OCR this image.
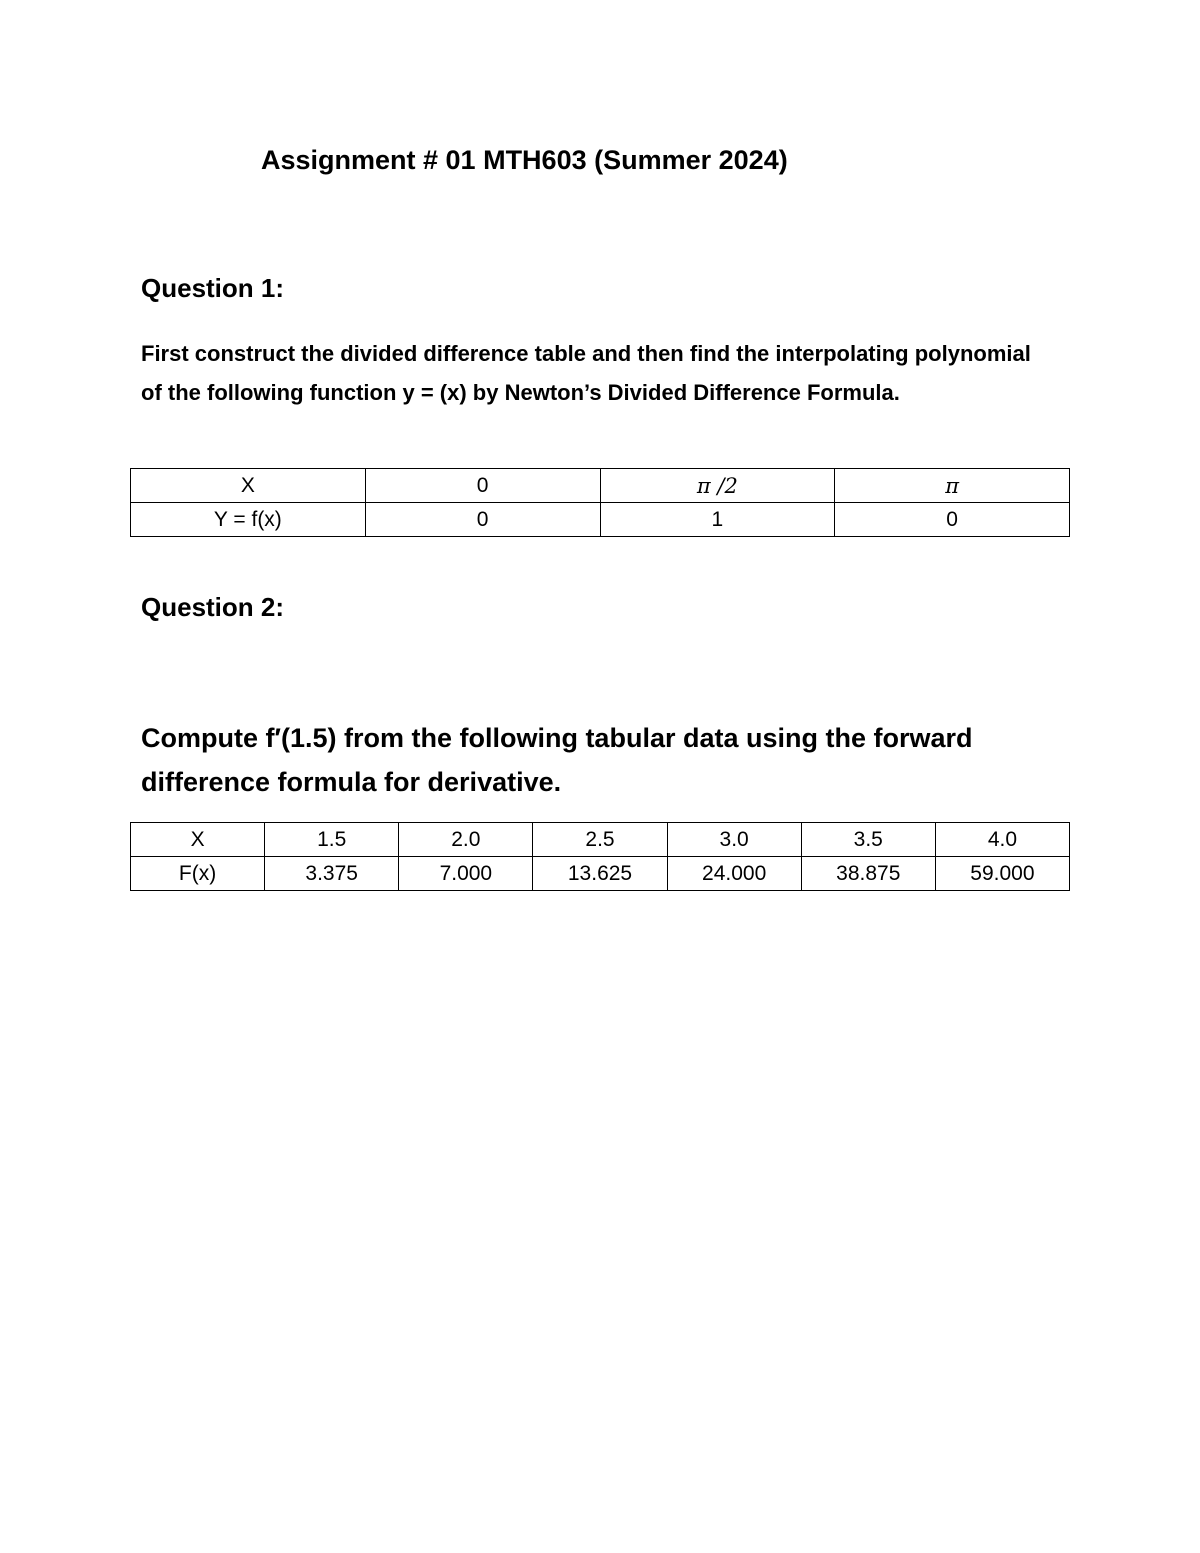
Assignment # 01 MTH603 (Summer 2024)
Question 1:
First construct the divided difference table and then find the interpolating polynomial of the following function y = (x) by Newton’s Divided Difference Formula.
X	0	π /2	π
Y = f(x)	0	1	0
Question 2:
Compute f′(1.5) from the following tabular data using the forward difference formula for derivative.
X	1.5	2.0	2.5	3.0	3.5	4.0
F(x)	3.375	7.000	13.625	24.000	38.875	59.000
